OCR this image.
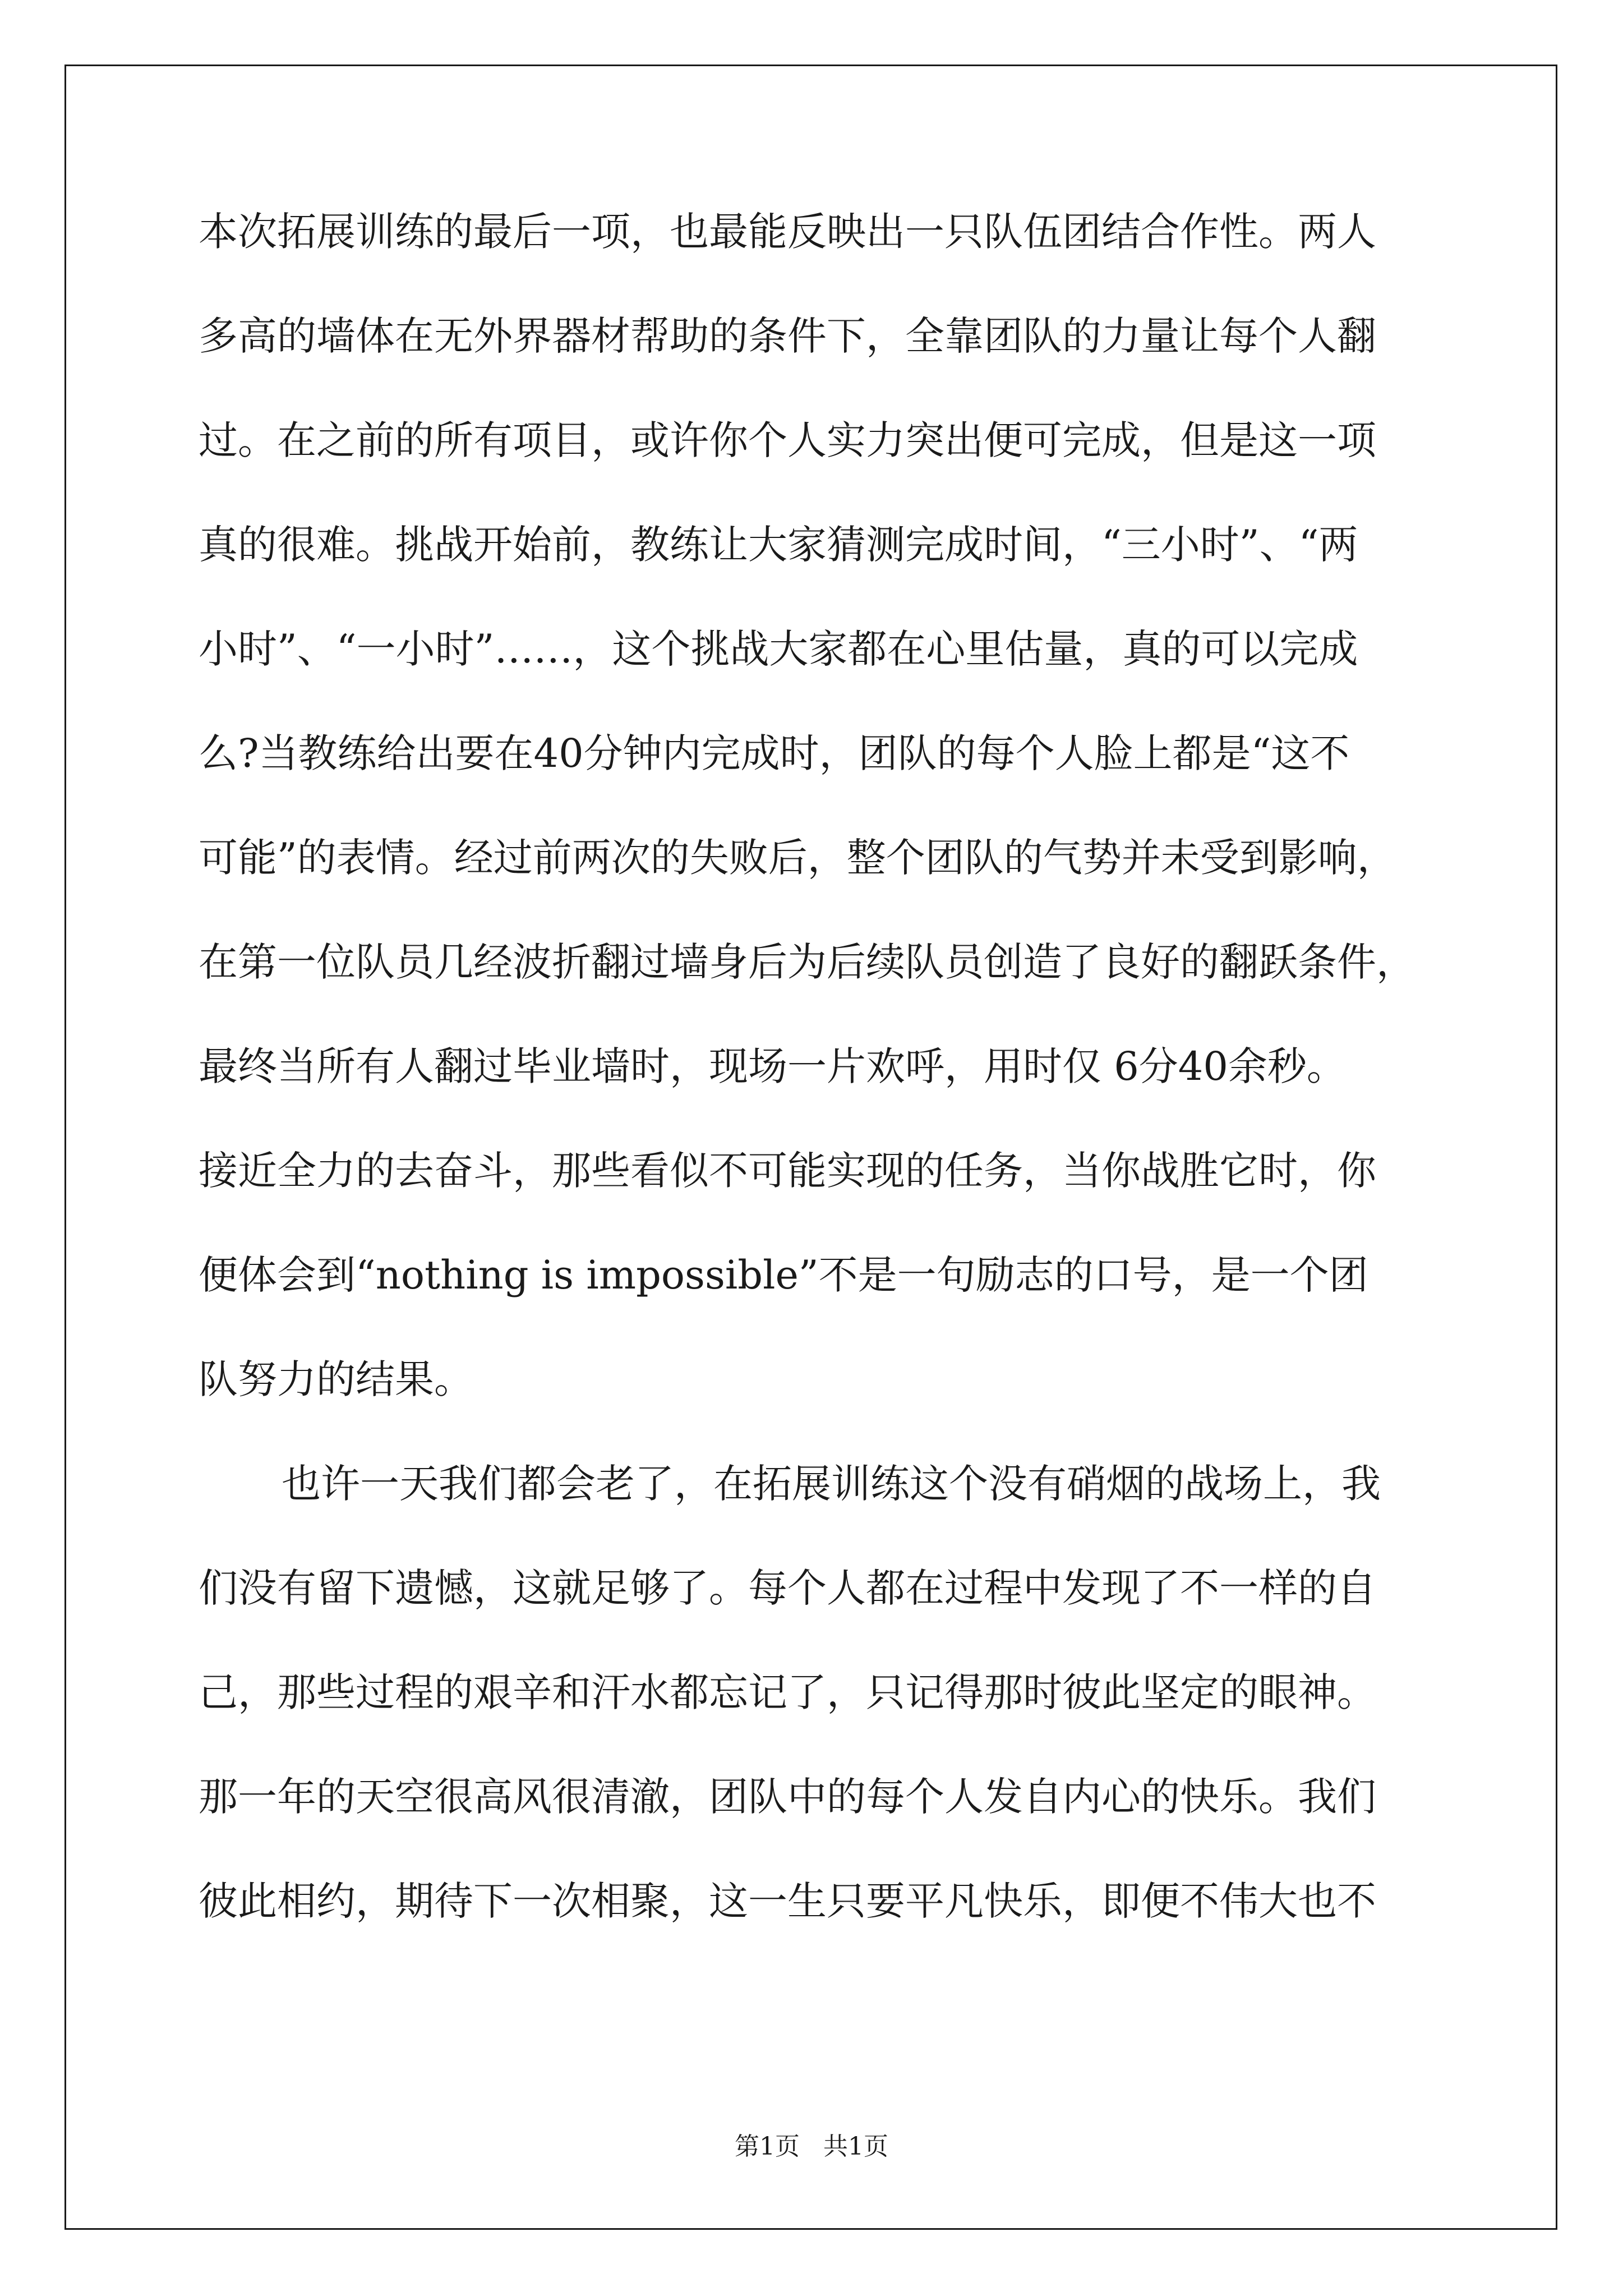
本次拓展训练的最后一项，也最能反映出一只队伍团结合作性。两人
多高的墙体在无外界器材帮助的条件下，全靠团队的力量让每个人翻
过。在之前的所有项目，或许你个人实力突出便可完成，但是这一项
真的很难。挑战开始前，教练让大家猜测完成时间，“三小时”、“两
小时”、“一小时”……，这个挑战大家都在心里估量，真的可以完成
么?当教练给出要在40分钟内完成时，团队的每个人脸上都是“这不
可能”的表情。经过前两次的失败后，整个团队的气势并未受到影响，
在第一位队员几经波折翻过墙身后为后续队员创造了良好的翻跃条件，
最终当所有人翻过毕业墙时，现场一片欢呼，用时仅 6分40余秒。
接近全力的去奋斗，那些看似不可能实现的任务，当你战胜它时，你
便体会到“nothing is impossible”不是一句励志的口号，是一个团
队努力的结果。
也许一天我们都会老了，在拓展训练这个没有硝烟的战场上，我
们没有留下遗憾，这就足够了。每个人都在过程中发现了不一样的自
己，那些过程的艰辛和汗水都忘记了，只记得那时彼此坚定的眼神。
那一年的天空很高风很清澈，团队中的每个人发自内心的快乐。我们
彼此相约，期待下一次相聚，这一生只要平凡快乐，即便不伟大也不
第1页   共1页
